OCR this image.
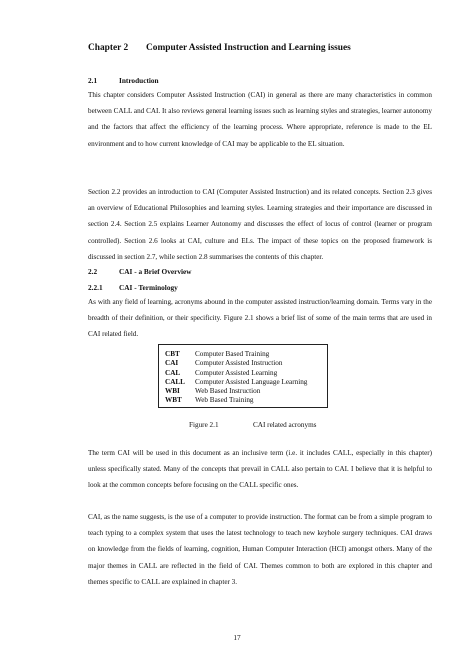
Chapter 2 Computer Assisted Instruction and Learning issues
2.1	Introduction

This chapter considers Computer Assisted Instruction (CAI) in general as there are many characteristics in common between CALL and CAI. It also reviews general learning issues such as learning styles and strategies, learner autonomy and the factors that affect the efficiency of the learning process. Where appropriate, reference is made to the EL environment and to how current knowledge of CAI may be applicable to the EL situation.

Section 2.2 provides an introduction to CAI (Computer Assisted Instruction) and its related concepts. Section 2.3 gives an overview of Educational Philosophies and learning styles. Learning strategies and their importance are discussed in section 2.4. Section 2.5 explains Learner Autonomy and discusses the effect of locus of control (learner or program controlled). Section 2.6 looks at CAI, culture and ELs. The impact of these topics on the proposed framework is discussed in section 2.7, while section 2.8 summarises the contents of this chapter.

2.2	CAI - a Brief Overview
2.2.1 CAI - Terminology

As with any field of learning, acronyms abound in the computer assisted instruction/learning domain. Terms vary in the breadth of their definition, or their specificity. Figure 2.1 shows a brief list of some of the main terms that are used in CAI related field.

CBT	Computer Based Training
CAI	Computer Assisted Instruction
CAL	Computer Assisted Learning
CALL	Computer Assisted Language Learning
WBI	Web Based Instruction
WBT	Web Based Training
Figure 2.1	CAI related acronyms

The term CAI will be used in this document as an inclusive term (i.e. it includes CALL, especially in this chapter) unless specifically stated. Many of the concepts that prevail in CALL also pertain to CAI. I believe that it is helpful to look at the common concepts before focusing on the CALL specific ones.

CAI, as the name suggests, is the use of a computer to provide instruction. The format can be from a simple program to teach typing to a complex system that uses the latest technology to teach new keyhole surgery techniques. CAI draws on knowledge from the fields of learning, cognition, Human Computer Interaction (HCI) amongst others. Many of the major themes in CALL are reflected in the field of CAI. Themes common to both are explored in this chapter and themes specific to CALL are explained in chapter 3.

17
